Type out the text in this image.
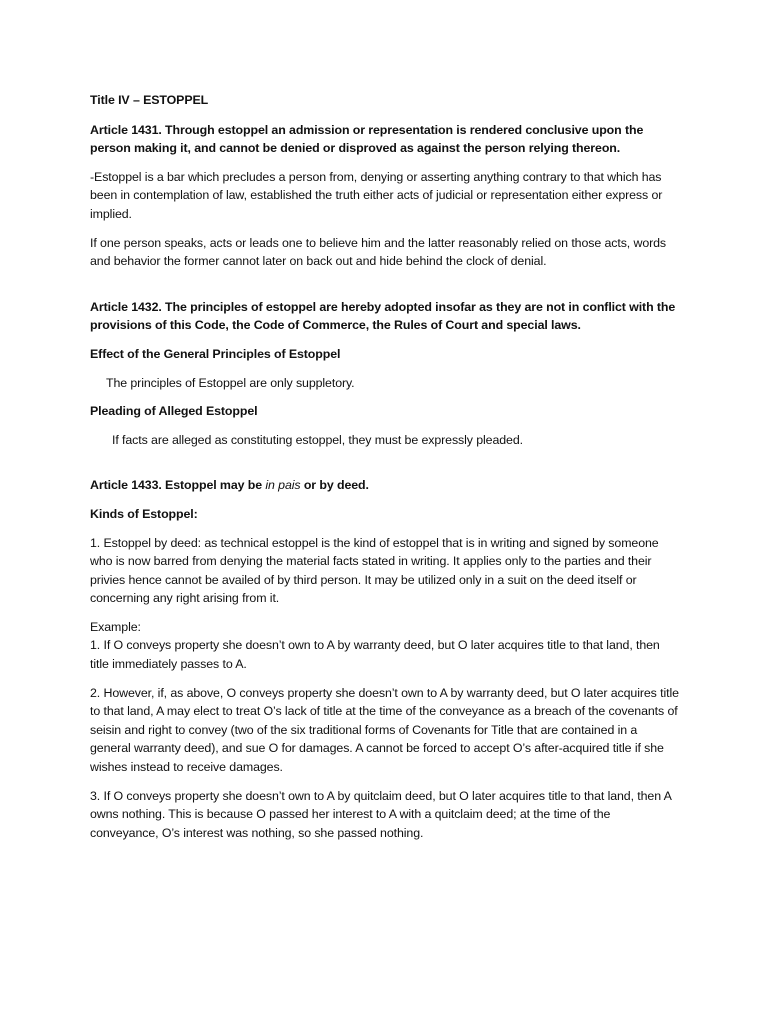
Title IV – ESTOPPEL

Article 1431. Through estoppel an admission or representation is rendered conclusive upon the person making it, and cannot be denied or disproved as against the person relying thereon.

-Estoppel is a bar which precludes a person from, denying or asserting anything contrary to that which has been in contemplation of law, established the truth either acts of judicial or representation either express or implied.

If one person speaks, acts or leads one to believe him and the latter reasonably relied on those acts, words and behavior the former cannot later on back out and hide behind the clock of denial.

Article 1432. The principles of estoppel are hereby adopted insofar as they are not in conflict with the provisions of this Code, the Code of Commerce, the Rules of Court and special laws.

Effect of the General Principles of Estoppel

The principles of Estoppel are only suppletory.

Pleading of Alleged Estoppel

If facts are alleged as constituting estoppel, they must be expressly pleaded.

Article 1433. Estoppel may be in pais or by deed.

Kinds of Estoppel:

1. Estoppel by deed: as technical estoppel is the kind of estoppel that is in writing and signed by someone who is now barred from denying the material facts stated in writing. It applies only to the parties and their privies hence cannot be availed of by third person. It may be utilized only in a suit on the deed itself or concerning any right arising from it.

Example:

1. If O conveys property she doesn’t own to A by warranty deed, but O later acquires title to that land, then title immediately passes to A.

2. However, if, as above, O conveys property she doesn’t own to A by warranty deed, but O later acquires title to that land, A may elect to treat O’s lack of title at the time of the conveyance as a breach of the covenants of seisin and right to convey (two of the six traditional forms of Covenants for Title that are contained in a general warranty deed), and sue O for damages. A cannot be forced to accept O’s after-acquired title if she wishes instead to receive damages.

3. If O conveys property she doesn’t own to A by quitclaim deed, but O later acquires title to that land, then A owns nothing. This is because O passed her interest to A with a quitclaim deed; at the time of the conveyance, O’s interest was nothing, so she passed nothing.
